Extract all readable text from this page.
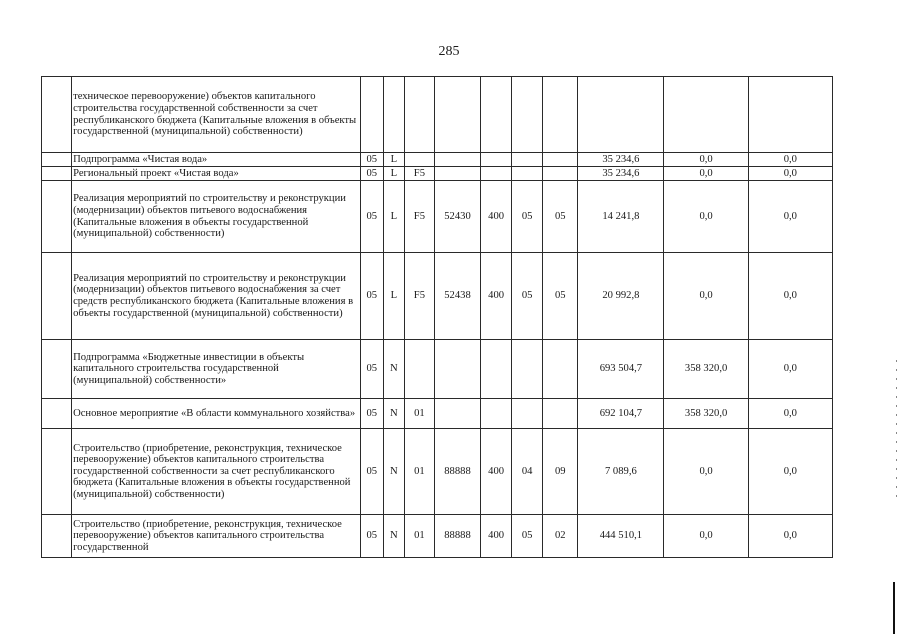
285
	техническое перевооружение) объектов капитального строительства государственной собственности за счет республиканского бюджета (Капитальные вложения в объекты государственной (муниципальной) собственности)										
	Подпрограмма «Чистая вода»	05	L						35 234,6	0,0	0,0
	Региональный проект «Чистая вода»	05	L	F5					35 234,6	0,0	0,0
	Реализация мероприятий по строительству и реконструкции (модернизации) объектов питьевого водоснабжения (Капитальные вложения в объекты государственной (муниципальной) собственности)	05	L	F5	52430	400	05	05	14 241,8	0,0	0,0
	Реализация мероприятий по строительству и реконструкции (модернизации) объектов питьевого водоснабжения за счет средств республиканского бюджета (Капитальные вложения в объекты государственной (муниципальной) собственности)	05	L	F5	52438	400	05	05	20 992,8	0,0	0,0
	Подпрограмма «Бюджетные инвестиции в объекты капитального строительства государственной (муниципальной) собственности»	05	N						693 504,7	358 320,0	0,0
	Основное мероприятие «В области коммунального хозяйства»	05	N	01					692 104,7	358 320,0	0,0
	Строительство (приобретение, реконструкция, техническое перевооружение) объектов капитального строительства государственной собственности за счет республиканского бюджета (Капитальные вложения в объекты государственной (муниципальной) собственности)	05	N	01	88888	400	04	09	7 089,6	0,0	0,0
	Строительство (приобретение, реконструкция, техническое перевооружение) объектов капитального строительства государственной	05	N	01	88888	400	05	02	444 510,1	0,0	0,0
